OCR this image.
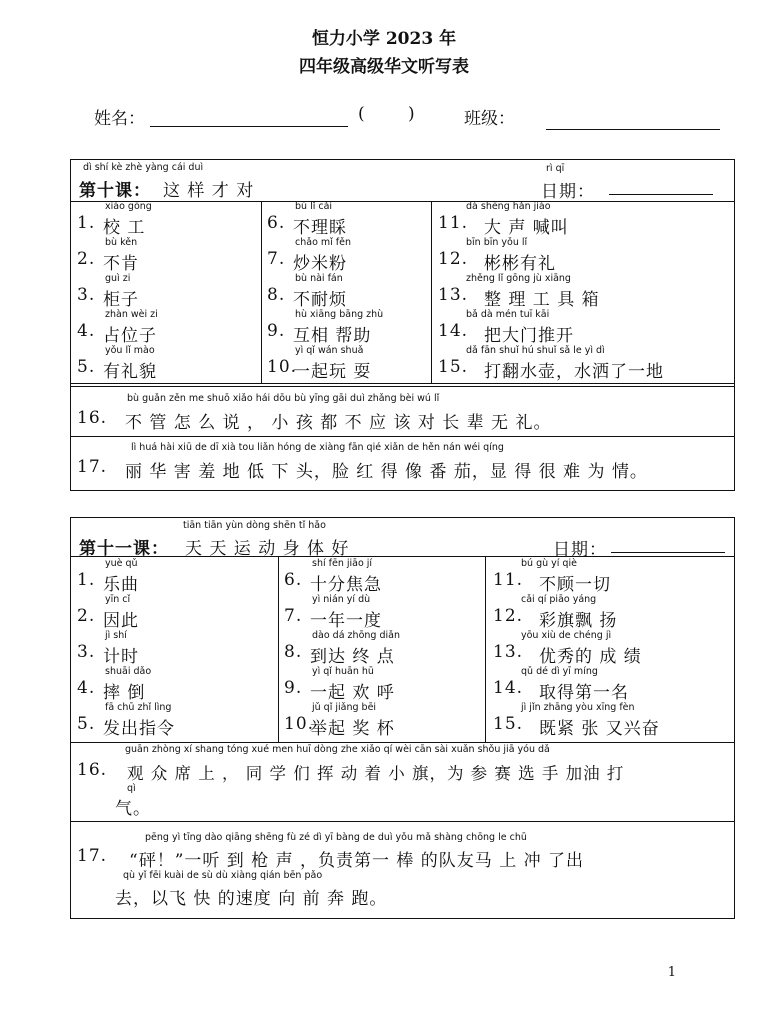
恒力小学 2023 年
四年级高级华文听写表
姓名：	(	)	班级：
dì shí kè zhè yàng cái duì
第十课： 这 样 才 对
rì qī
日期：
xiào gōng
1. 校 工
bù kěn
2. 不肯
guì zi
3. 柜子
zhàn wèi zi
4. 占位子
yǒu lǐ mào
5. 有礼貌
bù lǐ cǎi
6. 不理睬
chǎo mǐ fěn
7. 炒米粉
bù nài fán
8. 不耐烦
hù xiāng bāng zhù
9. 互相 帮助
yì qǐ wán shuǎ
10.
一起玩 耍
dà shēng hǎn jiào
11. 大 声 喊叫
bīn bīn yǒu lǐ
12. 彬彬有礼
zhěng lǐ gōng jù xiāng
13. 整 理 工 具 箱
bǎ dà mén tuī kāi
14. 把大门推开
dǎ fān shuǐ hú shuǐ sǎ le yì dì
15. 打翻水壶，水洒了一地
bù guǎn zěn me shuō xiǎo hái dōu bù yīng gāi duì zhǎng bèi wú lǐ
16. 不 管 怎 么 说 ， 小 孩 都 不 应 该 对 长 辈 无 礼。
lì huá hài xiū de dī xià tou liǎn hóng de xiàng fān qié xiǎn de hěn nán wéi qíng
17. 丽 华 害 羞 地 低 下 头，脸 红 得 像 番 茄，显 得 很 难 为 情。
tiān tiān yùn dòng shēn tǐ hǎo
第十一课： 天 天 运 动 身 体 好	日期：
yuè qǔ
1. 乐曲
yīn cǐ
2. 因此
jì shí
3. 计时
shuāi dǎo
4. 摔 倒
fā chū zhǐ lìng
5. 发出指令
shí fēn jiāo jí
6. 十分焦急
yì nián yí dù
7. 一年一度
dào dá zhōng diǎn
8. 到达 终 点
yì qǐ huān hū
9. 一起 欢 呼
jǔ qǐ jiǎng bēi
10.
举起 奖 杯
bú gù yí qiè
11. 不顾一切
cǎi qí piāo yáng
12. 彩旗飘 扬
yōu xiù de chéng jì
13. 优秀的 成 绩
qǔ dé dì yī míng
14. 取得第一名
jì jǐn zhāng yòu xīng fèn
15. 既紧 张 又兴奋
guān zhòng xí shang tóng xué men huī dòng zhe xiǎo qí wèi cān sài xuǎn shǒu jiā yóu dǎ
16. 观 众 席 上 ， 同 学 们 挥 动 着 小 旗，为 参 赛 选 手 加油 打
qì
气。
pēng yì tīng dào qiāng shēng fù zé dì yī bàng de duì yǒu mǎ shàng chōng le chū
17. “砰！”一听 到 枪 声 ，负责第一 棒 的队友马 上 冲 了出
qù yǐ fēi kuài de sù dù xiàng qián bēn pǎo
去，以飞 快 的速度 向 前 奔 跑。
1
